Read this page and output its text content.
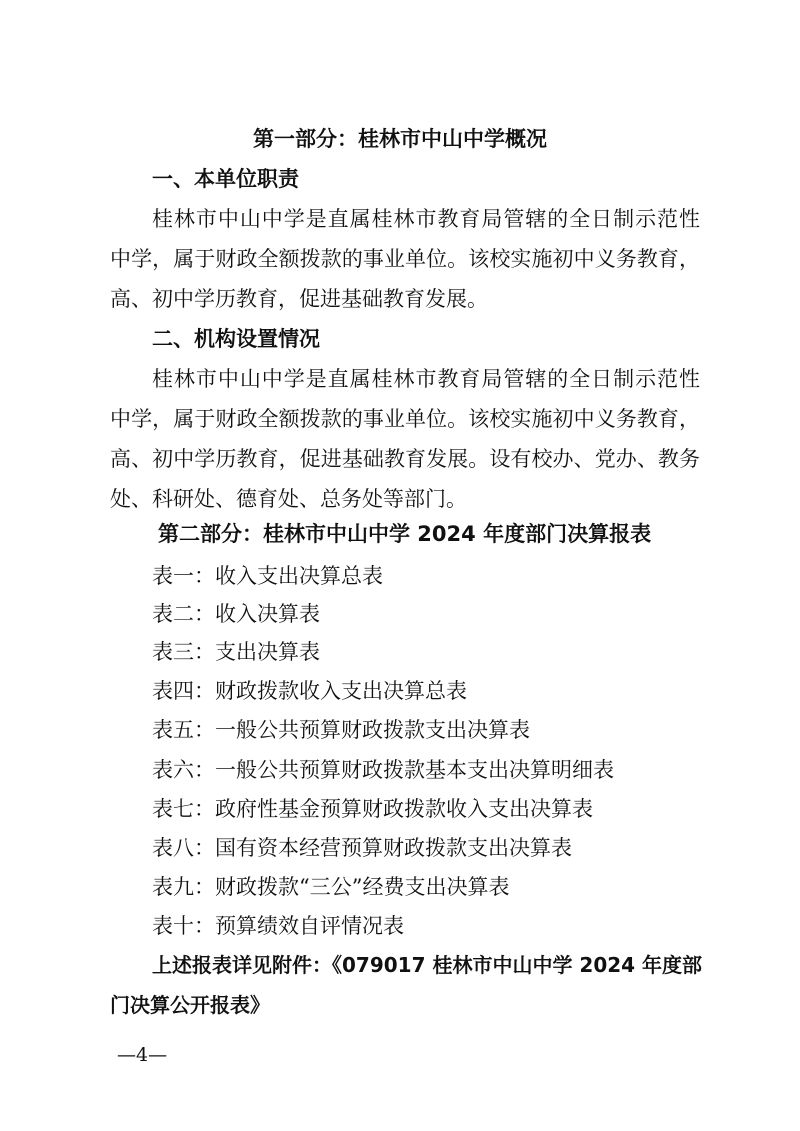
第一部分：桂林市中山中学概况
一、本单位职责
桂林市中山中学是直属桂林市教育局管辖的全日制示范性
中学，属于财政全额拨款的事业单位。该校实施初中义务教育，
高、初中学历教育，促进基础教育发展。
二、机构设置情况
桂林市中山中学是直属桂林市教育局管辖的全日制示范性
中学，属于财政全额拨款的事业单位。该校实施初中义务教育，
高、初中学历教育，促进基础教育发展。设有校办、党办、教务
处、科研处、德育处、总务处等部门。
第二部分：桂林市中山中学 2024 年度部门决算报表
表一：收入支出决算总表
表二：收入决算表
表三：支出决算表
表四：财政拨款收入支出决算总表
表五：一般公共预算财政拨款支出决算表
表六：一般公共预算财政拨款基本支出决算明细表
表七：政府性基金预算财政拨款收入支出决算表
表八：国有资本经营预算财政拨款支出决算表
表九：财政拨款“三公”经费支出决算表
表十：预算绩效自评情况表
上述报表详见附件：《079017 桂林市中山中学 2024 年度部
门决算公开报表》
—4—
